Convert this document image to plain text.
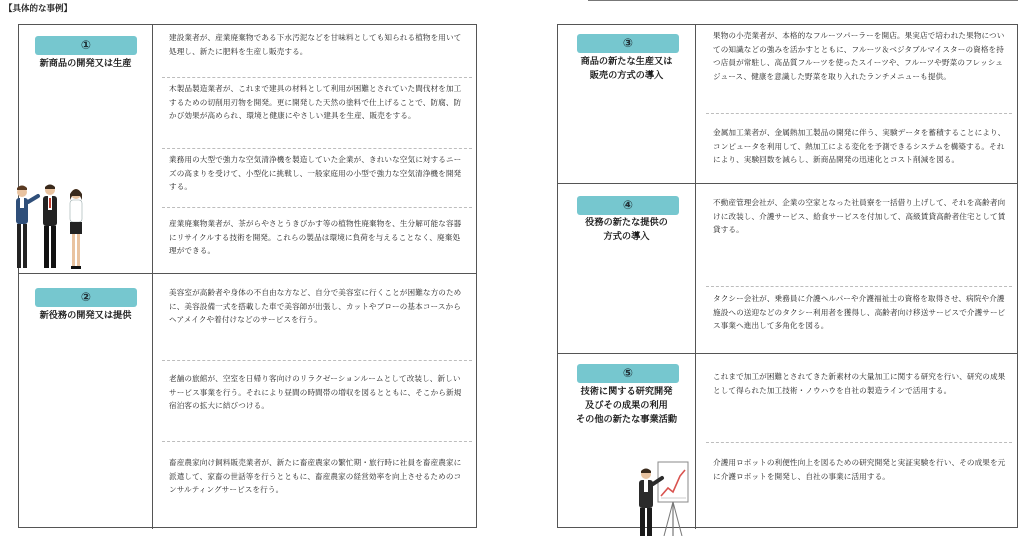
【具体的な事例】
①
新商品の開発又は生産
建設業者が、産業廃棄物である下水汚泥などを甘味料としても知られる植物を用いて処理し、新たに肥料を生産し販売する。
木製品製造業者が、これまで建具の材料として利用が困難とされていた間伐材を加工するための切削用刃物を開発。更に開発した天然の塗料で仕上げることで、防腐、防かび効果が高められ、環境と健康にやさしい建具を生産、販売をする。
業務用の大型で強力な空気清浄機を製造していた企業が、きれいな空気に対するニーズの高まりを受けて、小型化に挑戦し、一般家庭用の小型で強力な空気清浄機を開発する。
産業廃棄物業者が、茶がらやさとうきびかす等の植物性廃棄物を、生分解可能な容器にリサイクルする技術を開発。これらの製品は環境に負荷を与えることなく、廃棄処理ができる。
②
新役務の開発又は提供
美容室が高齢者や身体の不自由な方など、自分で美容室に行くことが困難な方のために、美容設備一式を搭載した車で美容師が出張し、カットやブローの基本コースからヘアメイクや着付けなどのサービスを行う。
老舗の旅館が、空室を日帰り客向けのリラクゼーションルームとして改装し、新しいサービス事業を行う。それにより昼間の時間帯の増収を図るとともに、そこから新規宿泊客の拡大に結びつける。
畜産農家向け飼料販売業者が、新たに畜産農家の繁忙期・旅行時に社員を畜産農家に派遣して、家畜の世話等を行うとともに、畜産農家の経営効率を向上させるためのコンサルティングサービスを行う。
③
商品の新たな生産又は
販売の方式の導入
果物の小売業者が、本格的なフルーツパーラーを開店。果実店で培われた果物についての知識などの強みを活かすとともに、フルーツ＆ベジタブルマイスターの資格を持つ店員が常駐し、高品質フルーツを使ったスイーツや、フルーツや野菜のフレッシュジュース、健康を意識した野菜を取り入れたランチメニューも提供。
金属加工業者が、金属熱加工製品の開発に伴う、実験データを蓄積することにより、コンピュータを利用して、熱加工による変化を予測できるシステムを構築する。それにより、実験回数を減らし、新商品開発の迅速化とコスト削減を図る。
④
役務の新たな提供の
方式の導入
不動産管理会社が、企業の空家となった社員寮を一括借り上げして、それを高齢者向けに改装し、介護サービス、給食サービスを付加して、高級賃貸高齢者住宅として賃貸する。
タクシー会社が、乗務員に介護ヘルパーや介護福祉士の資格を取得させ、病院や介護施設への送迎などのタクシー利用者を獲得し、高齢者向け移送サービスで介護サービス事業へ進出して多角化を図る。
⑤
技術に関する研究開発
及びその成果の利用
その他の新たな事業活動
これまで加工が困難とされてきた新素材の大量加工に関する研究を行い、研究の成果として得られた加工技術・ノウハウを自社の製造ラインで活用する。
介護用ロボットの利便性向上を図るための研究開発と実証実験を行い、その成果を元に介護ロボットを開発し、自社の事業に活用する。
